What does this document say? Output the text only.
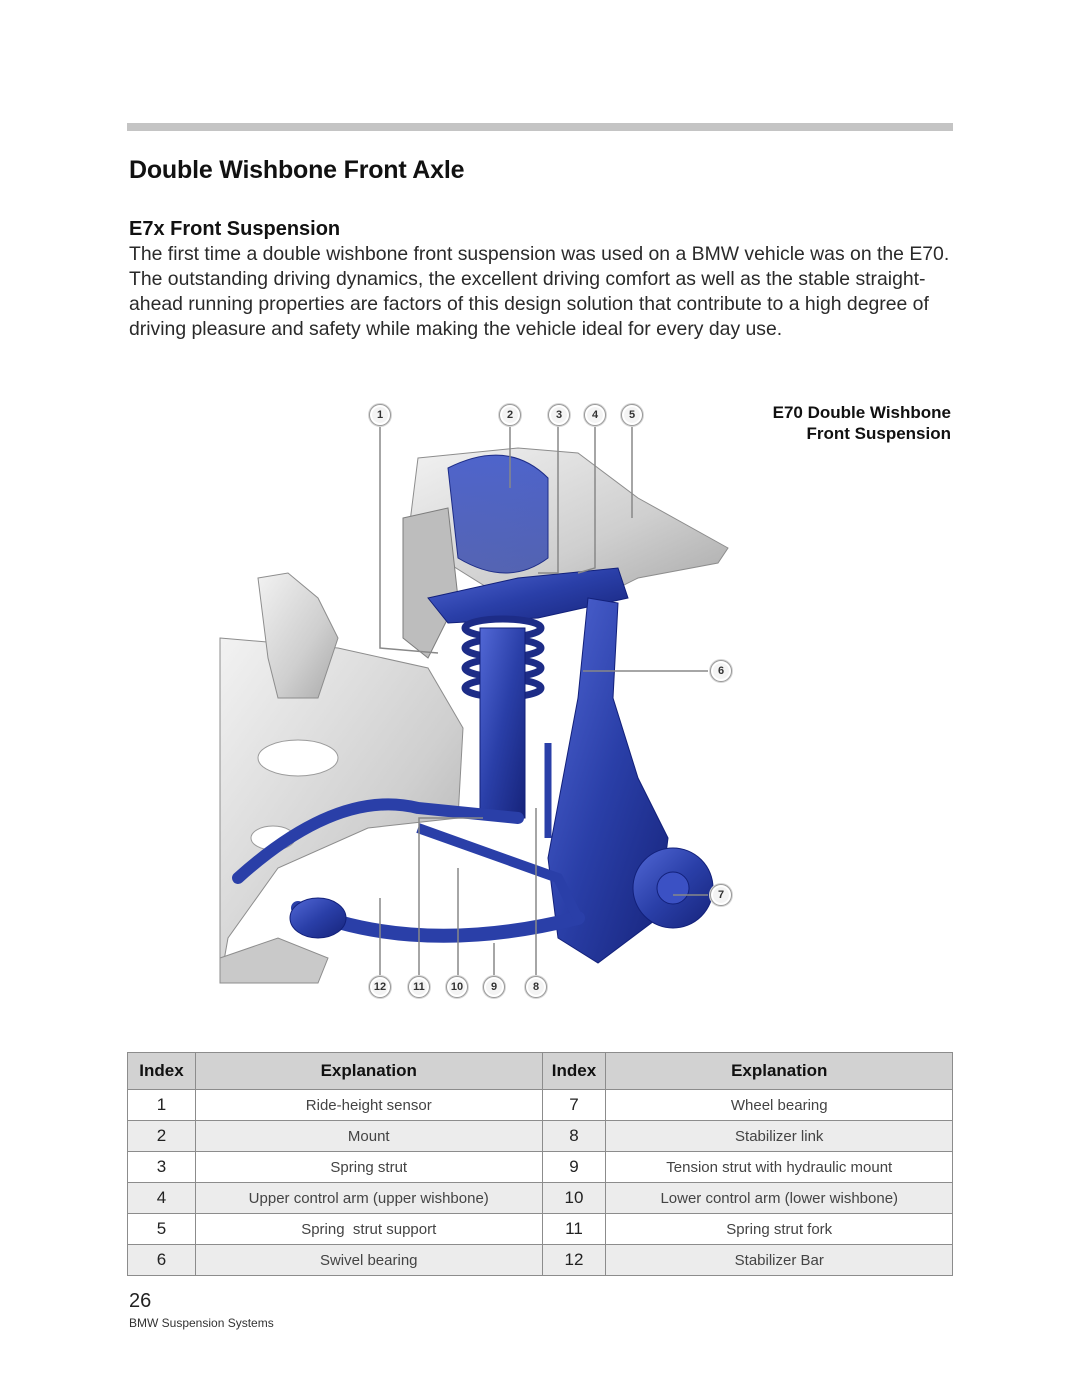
Double Wishbone Front Axle
E7x Front Suspension

The first time a double wishbone front suspension was used on a BMW vehicle was on the E70. The outstanding driving dynamics, the excellent driving comfort as well as the stable straight-ahead running properties are factors of this design solution that contribute to a high degree of driving pleasure and safety while making the vehicle ideal for every day use.

E70 Double Wishbone
Front Suspension
1	2	3	4	5
6
7
8
9
10
11
12
Index	Explanation	Index	Explanation
1	Ride-height sensor	7	Wheel bearing
2	Mount	8	Stabilizer link
3	Spring strut	9	Tension strut with hydraulic mount
4	Upper control arm (upper wishbone)	10	Lower control arm (lower wishbone)
5	Spring  strut support	11	Spring strut fork
6	Swivel bearing	12	Stabilizer Bar
26
BMW Suspension Systems
